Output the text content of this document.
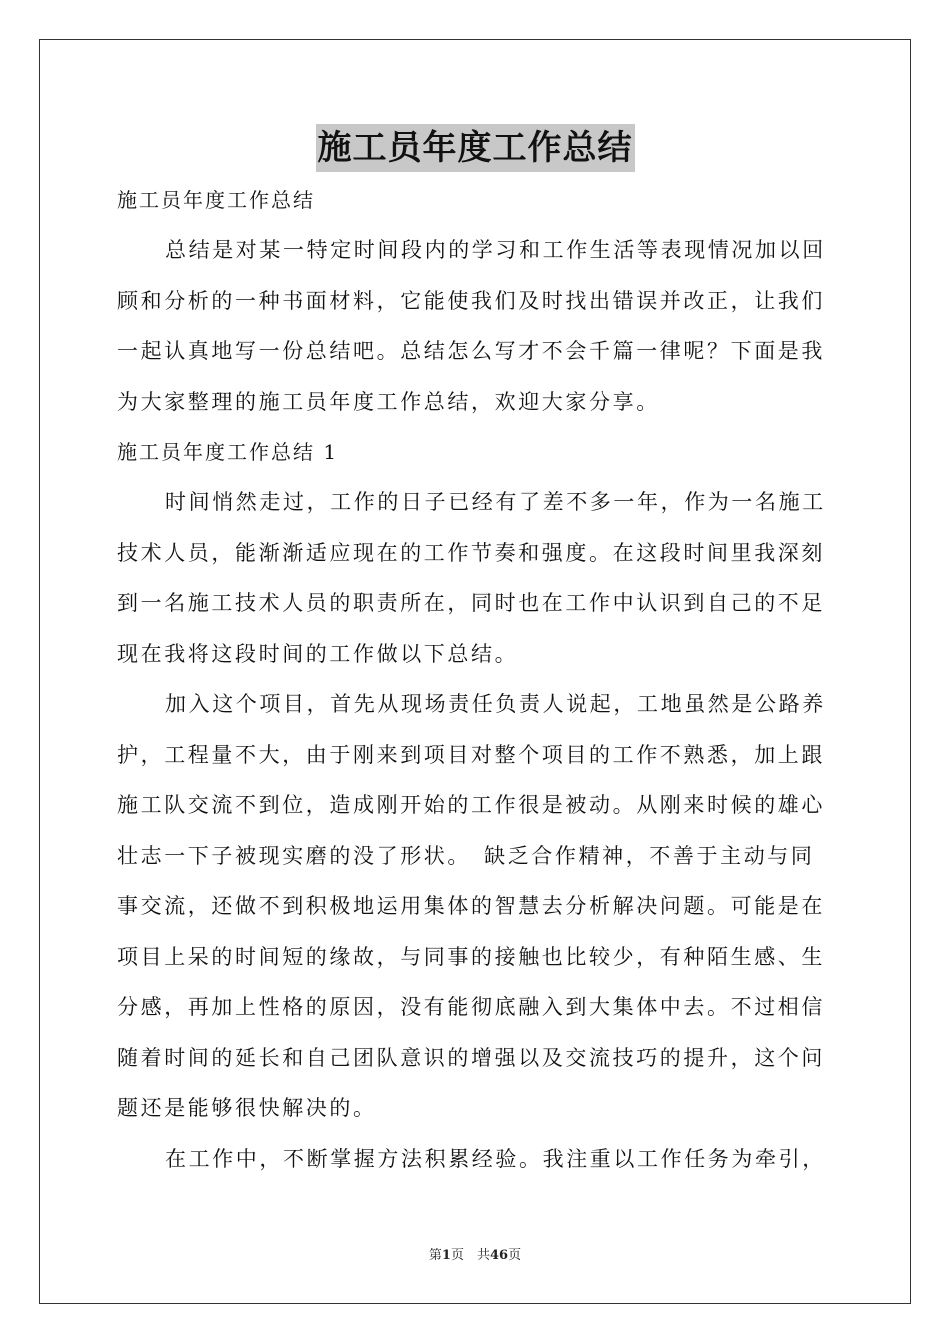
施工员年度工作总结
施工员年度工作总结
总结是对某一特定时间段内的学习和工作生活等表现情况加以回
顾和分析的一种书面材料，它能使我们及时找出错误并改正，让我们
一起认真地写一份总结吧。总结怎么写才不会千篇一律呢？下面是我
为大家整理的施工员年度工作总结，欢迎大家分享。
施工员年度工作总结 1
时间悄然走过，工作的日子已经有了差不多一年，作为一名施工
技术人员，能渐渐适应现在的工作节奏和强度。在这段时间里我深刻
到一名施工技术人员的职责所在，同时也在工作中认识到自己的不足
现在我将这段时间的工作做以下总结。
加入这个项目，首先从现场责任负责人说起，工地虽然是公路养
护，工程量不大，由于刚来到项目对整个项目的工作不熟悉，加上跟
施工队交流不到位，造成刚开始的工作很是被动。从刚来时候的雄心
壮志一下子被现实磨的没了形状。　缺乏合作精神，不善于主动与同
事交流，还做不到积极地运用集体的智慧去分析解决问题。可能是在
项目上呆的时间短的缘故，与同事的接触也比较少，有种陌生感、生
分感，再加上性格的原因，没有能彻底融入到大集体中去。不过相信
随着时间的延长和自己团队意识的增强以及交流技巧的提升，这个问
题还是能够很快解决的。
在工作中，不断掌握方法积累经验。我注重以工作任务为牵引，
第1页　共46页
